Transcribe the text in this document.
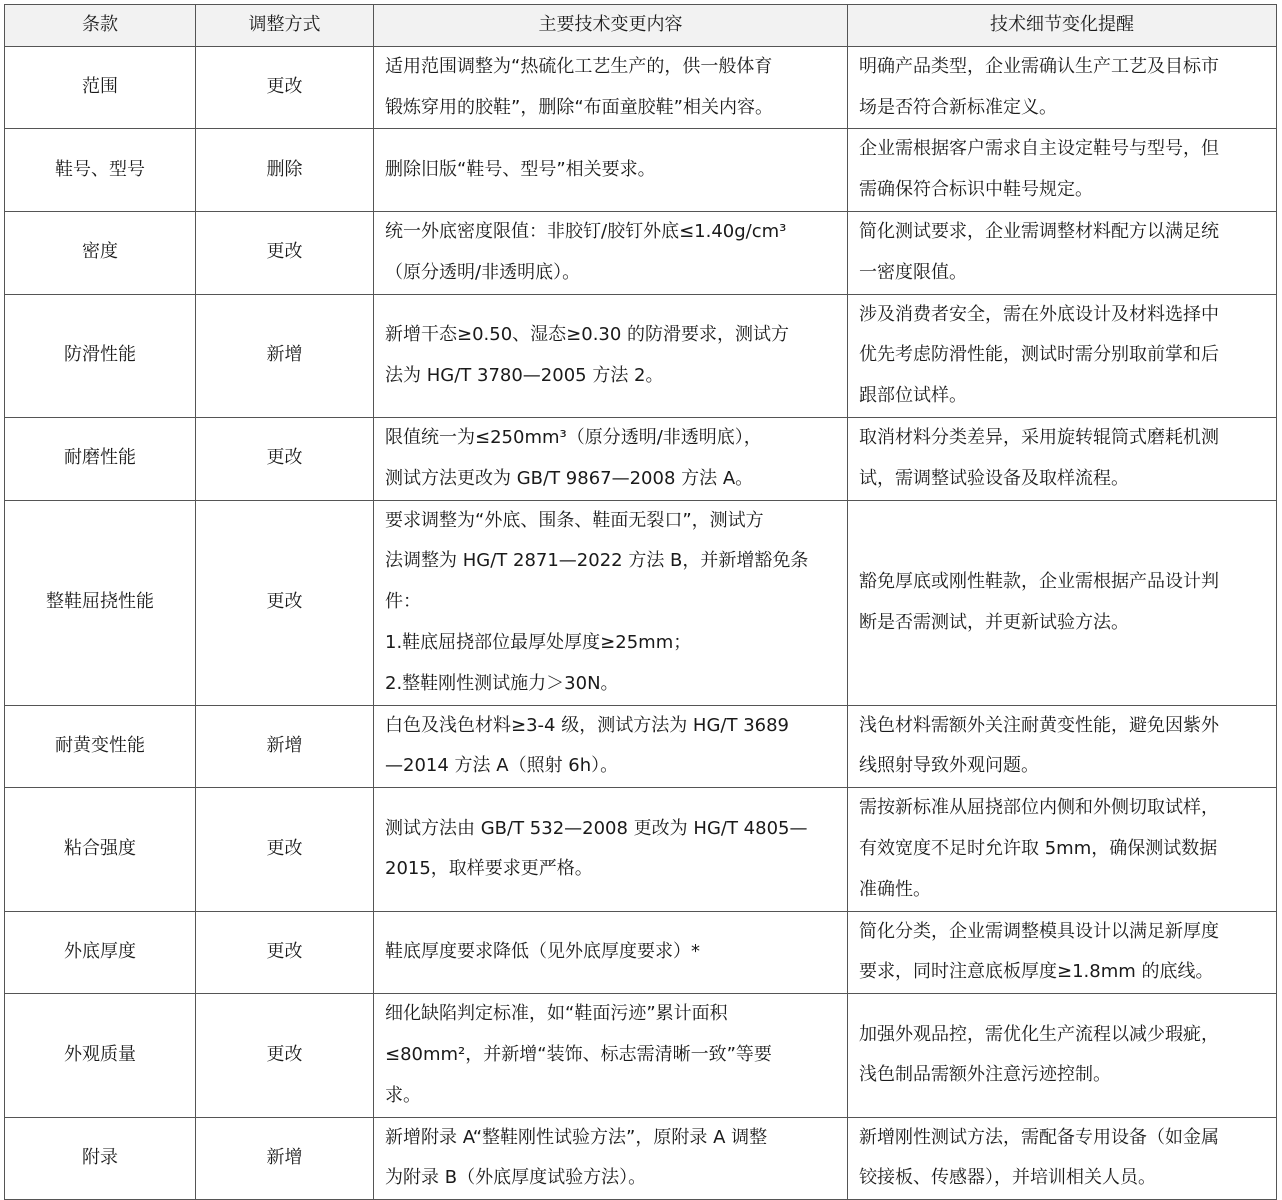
条款	调整方式	主要技术变更内容	技术细节变化提醒
范围	更改	适用范围调整为“热硫化工艺生产的，供一般体育
锻炼穿用的胶鞋”，删除“布面童胶鞋”相关内容。	明确产品类型，企业需确认生产工艺及目标市
场是否符合新标准定义。

鞋号、型号	删除	删除旧版“鞋号、型号”相关要求。	企业需根据客户需求自主设定鞋号与型号，但
需确保符合标识中鞋号规定。

密度	更改	统一外底密度限值：非胶钉/胶钉外底≤1.40g/cm³
（原分透明/非透明底）。	简化测试要求，企业需调整材料配方以满足统
一密度限值。

防滑性能	新增	新增干态≥0.50、湿态≥0.30 的防滑要求，测试方
法为 HG/T 3780—2005 方法 2。	涉及消费者安全，需在外底设计及材料选择中
优先考虑防滑性能，测试时需分别取前掌和后
跟部位试样。

耐磨性能	更改	限值统一为≤250mm³（原分透明/非透明底），
测试方法更改为 GB/T 9867—2008 方法 A。	取消材料分类差异，采用旋转辊筒式磨耗机测
试，需调整试验设备及取样流程。

整鞋屈挠性能	更改	要求调整为“外底、围条、鞋面无裂口”，测试方
法调整为 HG/T 2871—2022 方法 B，并新增豁免条
件：
1.鞋底屈挠部位最厚处厚度≥25mm；
2.整鞋刚性测试施力＞30N。	豁免厚底或刚性鞋款，企业需根据产品设计判
断是否需测试，并更新试验方法。

耐黄变性能	新增	白色及浅色材料≥3-4 级，测试方法为 HG/T 3689
—2014 方法 A（照射 6h）。	浅色材料需额外关注耐黄变性能，避免因紫外
线照射导致外观问题。

粘合强度	更改	测试方法由 GB/T 532—2008 更改为 HG/T 4805—
2015，取样要求更严格。	需按新标准从屈挠部位内侧和外侧切取试样，
有效宽度不足时允许取 5mm，确保测试数据
准确性。

外底厚度	更改	鞋底厚度要求降低（见外底厚度要求）*	简化分类，企业需调整模具设计以满足新厚度
要求，同时注意底板厚度≥1.8mm 的底线。

外观质量	更改	细化缺陷判定标准，如“鞋面污迹”累计面积
≤80mm²，并新增“装饰、标志需清晰一致”等要
求。	加强外观品控，需优化生产流程以减少瑕疵，
浅色制品需额外注意污迹控制。

附录	新增	新增附录 A“整鞋刚性试验方法”，原附录 A 调整
为附录 B（外底厚度试验方法）。	新增刚性测试方法，需配备专用设备（如金属
铰接板、传感器），并培训相关人员。
